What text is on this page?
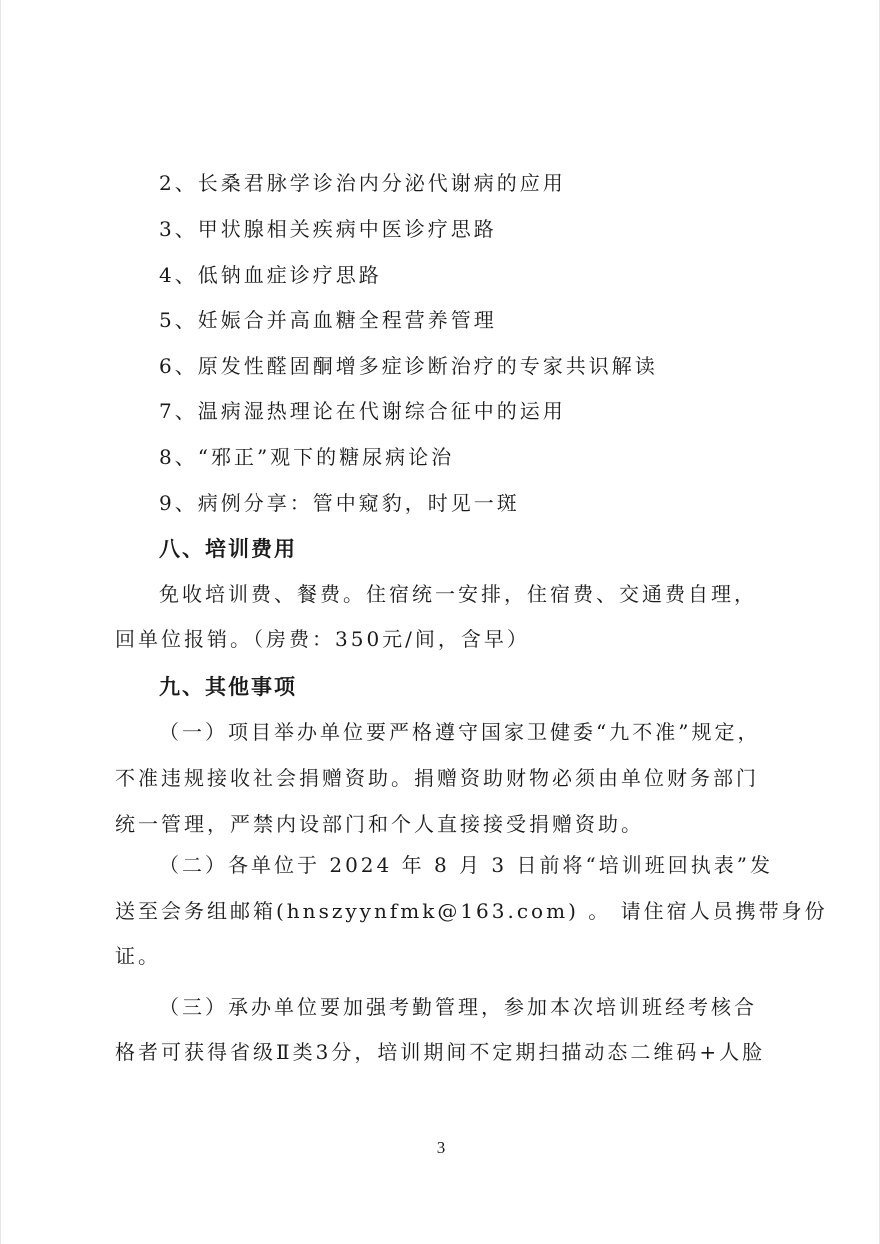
2、长桑君脉学诊治内分泌代谢病的应用
3、甲状腺相关疾病中医诊疗思路
4、低钠血症诊疗思路
5、妊娠合并高血糖全程营养管理
6、原发性醛固酮增多症诊断治疗的专家共识解读
7、温病湿热理论在代谢综合征中的运用
8、“邪正”观下的糖尿病论治
9、病例分享：管中窥豹，时见一斑
八、培训费用
免收培训费、餐费。住宿统一安排，住宿费、交通费自理，
回单位报销。（房费：350元/间，含早）
九、其他事项
（一）项目举办单位要严格遵守国家卫健委“九不准”规定，
不准违规接收社会捐赠资助。捐赠资助财物必须由单位财务部门
统一管理，严禁内设部门和个人直接接受捐赠资助。
（二）各单位于 2024 年 8 月 3 日前将“培训班回执表”发
送至会务组邮箱(hnszyynfmk@163.com) 。 请住宿人员携带身份
证。
（三）承办单位要加强考勤管理，参加本次培训班经考核合
格者可获得省级Ⅱ类3分，培训期间不定期扫描动态二维码+人脸
3
